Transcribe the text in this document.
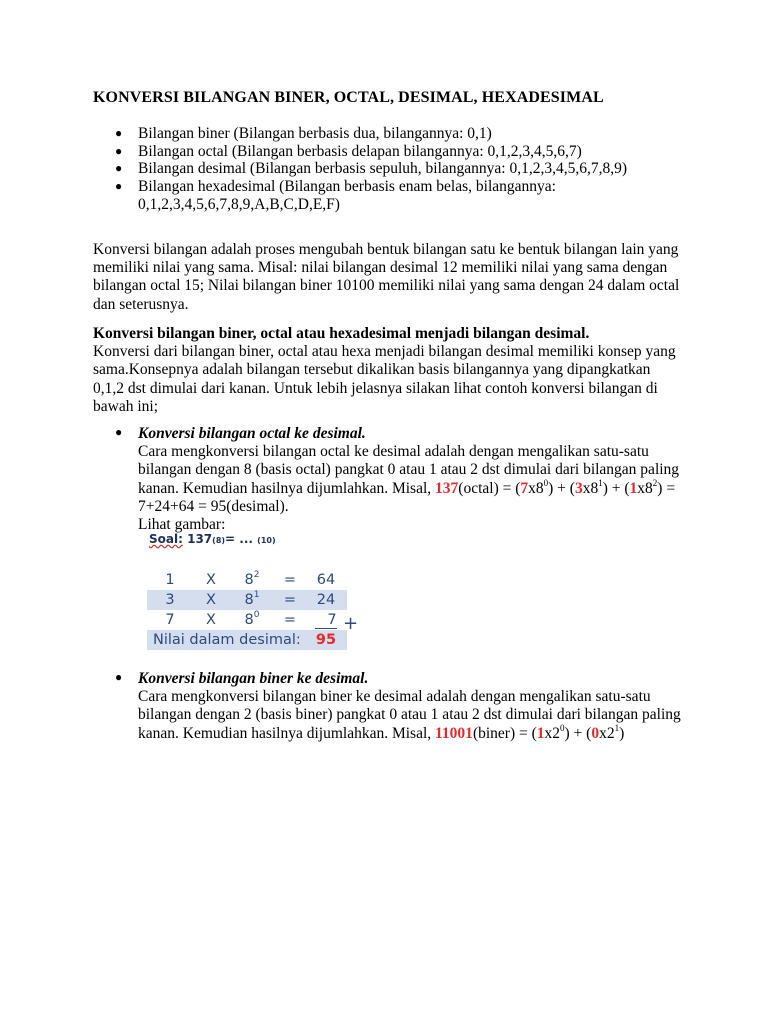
KONVERSI BILANGAN BINER, OCTAL, DESIMAL, HEXADESIMAL
● Bilangan biner (Bilangan berbasis dua, bilangannya: 0,1)
● Bilangan octal (Bilangan berbasis delapan bilangannya: 0,1,2,3,4,5,6,7)
● Bilangan desimal (Bilangan berbasis sepuluh, bilangannya: 0,1,2,3,4,5,6,7,8,9)
● Bilangan hexadesimal (Bilangan berbasis enam belas, bilangannya: 0,1,2,3,4,5,6,7,8,9,A,B,C,D,E,F)

Konversi bilangan adalah proses mengubah bentuk bilangan satu ke bentuk bilangan lain yang memiliki nilai yang sama. Misal: nilai bilangan desimal 12 memiliki nilai yang sama dengan bilangan octal 15; Nilai bilangan biner 10100 memiliki nilai yang sama dengan 24 dalam octal dan seterusnya.

Konversi bilangan biner, octal atau hexadesimal menjadi bilangan desimal.

Konversi dari bilangan biner, octal atau hexa menjadi bilangan desimal memiliki konsep yang sama.Konsepnya adalah bilangan tersebut dikalikan basis bilangannya yang dipangkatkan 0,1,2 dst dimulai dari kanan. Untuk lebih jelasnya silakan lihat contoh konversi bilangan di bawah ini;

● Konversi bilangan octal ke desimal.
Cara mengkonversi bilangan octal ke desimal adalah dengan mengalikan satu-satu bilangan dengan 8 (basis octal) pangkat 0 atau 1 atau 2 dst dimulai dari bilangan paling kanan. Kemudian hasilnya dijumlahkan. Misal, 137(octal) = $(7x8^0) + (3x8^1) + (1x8^2) = 7+24+64$ = 95(desimal).
Lihat gambar:
Soal: 137(8)= ... (10)
1	X	$8^2$	=	64
3	X	$8^1$	=	24
7	X	$8^0$	=	7
Nilai dalam desimal:				95
+
● Konversi bilangan biner ke desimal.
Cara mengkonversi bilangan biner ke desimal adalah dengan mengalikan satu-satu bilangan dengan 2 (basis biner) pangkat 0 atau 1 atau 2 dst dimulai dari bilangan paling kanan. Kemudian hasilnya dijumlahkan. Misal, 11001(biner) = $(1x2^0) + (0x2^1)$
